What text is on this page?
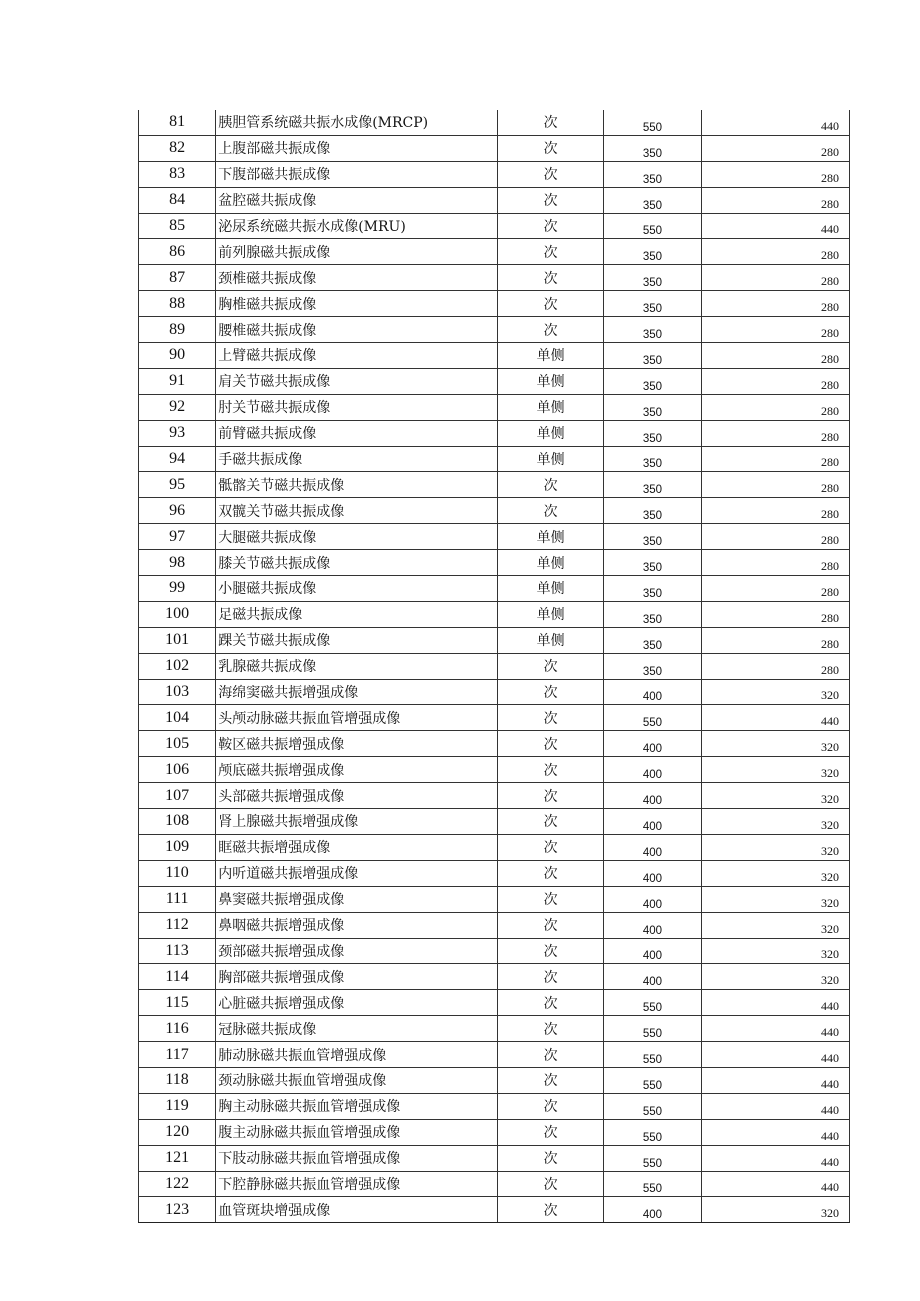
81	胰胆管系统磁共振水成像(MRCP)	次	550	440
82	上腹部磁共振成像	次	350	280
83	下腹部磁共振成像	次	350	280
84	盆腔磁共振成像	次	350	280
85	泌尿系统磁共振水成像(MRU)	次	550	440
86	前列腺磁共振成像	次	350	280
87	颈椎磁共振成像	次	350	280
88	胸椎磁共振成像	次	350	280
89	腰椎磁共振成像	次	350	280
90	上臂磁共振成像	单侧	350	280
91	肩关节磁共振成像	单侧	350	280
92	肘关节磁共振成像	单侧	350	280
93	前臂磁共振成像	单侧	350	280
94	手磁共振成像	单侧	350	280
95	骶髂关节磁共振成像	次	350	280
96	双髋关节磁共振成像	次	350	280
97	大腿磁共振成像	单侧	350	280
98	膝关节磁共振成像	单侧	350	280
99	小腿磁共振成像	单侧	350	280
100	足磁共振成像	单侧	350	280
101	踝关节磁共振成像	单侧	350	280
102	乳腺磁共振成像	次	350	280
103	海绵窦磁共振增强成像	次	400	320
104	头颅动脉磁共振血管增强成像	次	550	440
105	鞍区磁共振增强成像	次	400	320
106	颅底磁共振增强成像	次	400	320
107	头部磁共振增强成像	次	400	320
108	肾上腺磁共振增强成像	次	400	320
109	眶磁共振增强成像	次	400	320
110	内听道磁共振增强成像	次	400	320
111	鼻窦磁共振增强成像	次	400	320
112	鼻咽磁共振增强成像	次	400	320
113	颈部磁共振增强成像	次	400	320
114	胸部磁共振增强成像	次	400	320
115	心脏磁共振增强成像	次	550	440
116	冠脉磁共振成像	次	550	440
117	肺动脉磁共振血管增强成像	次	550	440
118	颈动脉磁共振血管增强成像	次	550	440
119	胸主动脉磁共振血管增强成像	次	550	440
120	腹主动脉磁共振血管增强成像	次	550	440
121	下肢动脉磁共振血管增强成像	次	550	440
122	下腔静脉磁共振血管增强成像	次	550	440
123	血管斑块增强成像	次	400	320
